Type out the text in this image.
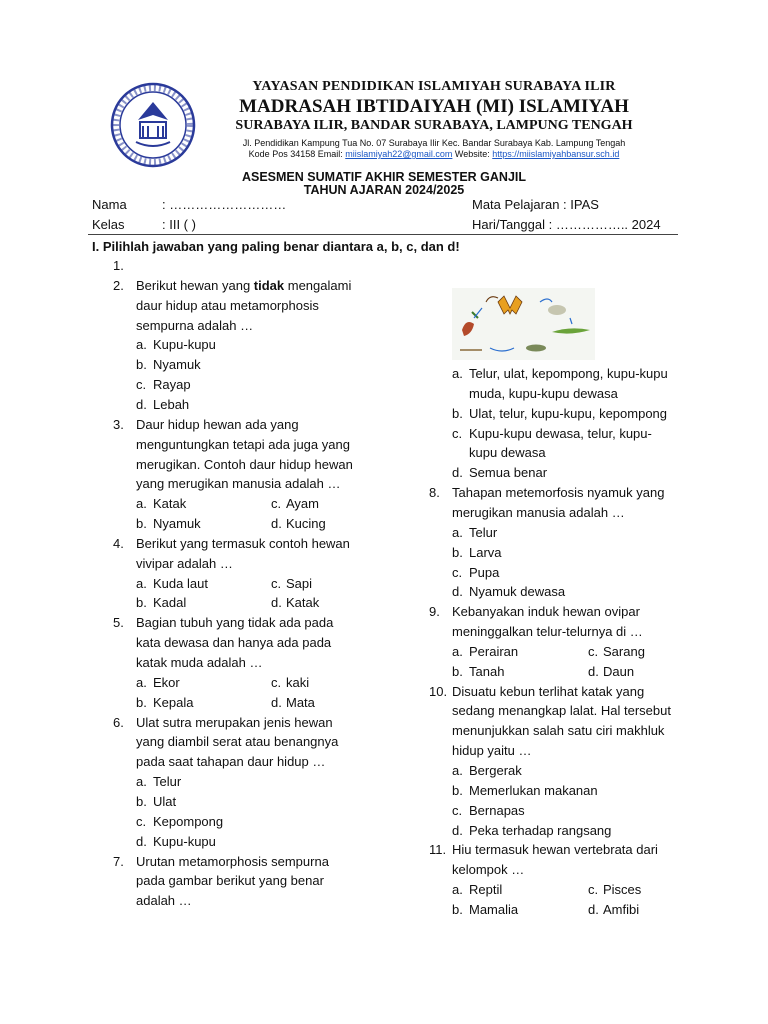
YAYASAN PENDIDIKAN ISLAMIYAH SURABAYA ILIR
MADRASAH IBTIDAIYAH (MI) ISLAMIYAH
SURABAYA ILIR, BANDAR SURABAYA, LAMPUNG TENGAH
Jl. Pendidikan Kampung Tua No. 07 Surabaya Ilir Kec. Bandar Surabaya Kab. Lampung Tengah
Kode Pos 34158 Email: miislamiyah22@gmail.com Website: https://miislamiyahbansur.sch.id
ASESMEN SUMATIF AKHIR SEMESTER GANJIL
TAHUN AJARAN 2024/2025
Nama	: ………………………	Mata Pelajaran : IPAS
Kelas	: III ( )	Hari/Tanggal : …………….. 2024
I. Pilihlah jawaban yang paling benar diantara a, b, c, dan d!
1.
2. Berikut hewan yang tidak mengalami
daur hidup atau metamorphosis
sempurna adalah …
a. Kupu-kupu
b. Nyamuk
c. Rayap
d. Lebah
3. Daur hidup hewan ada yang
menguntungkan tetapi ada juga yang
merugikan. Contoh daur hidup hewan
yang merugikan manusia adalah …
a. Katak	c. Ayam
b. Nyamuk	d. Kucing
4. Berikut yang termasuk contoh hewan
vivipar adalah …
a. Kuda laut	c. Sapi
b. Kadal	d. Katak
5. Bagian tubuh yang tidak ada pada
kata dewasa dan hanya ada pada
katak muda adalah …
a. Ekor	c. kaki
b. Kepala	d. Mata
6. Ulat sutra merupakan jenis hewan
yang diambil serat atau benangnya
pada saat tahapan daur hidup …
a. Telur
b. Ulat
c. Kepompong
d. Kupu-kupu
7. Urutan metamorphosis sempurna
pada gambar berikut yang benar
adalah …
a. Telur, ulat, kepompong, kupu-kupu
muda, kupu-kupu dewasa
b. Ulat, telur, kupu-kupu, kepompong
c. Kupu-kupu dewasa, telur, kupu-
kupu dewasa
d. Semua benar
8. Tahapan metemorfosis nyamuk yang
merugikan manusia adalah …
a. Telur
b. Larva
c. Pupa
d. Nyamuk dewasa
9. Kebanyakan induk hewan ovipar
meninggalkan telur-telurnya di …
a. Perairan	c. Sarang
b. Tanah	d. Daun
10. Disuatu kebun terlihat katak yang
sedang menangkap lalat. Hal tersebut
menunjukkan salah satu ciri makhluk
hidup yaitu …
a. Bergerak
b. Memerlukan makanan
c. Bernapas
d. Peka terhadap rangsang
11. Hiu termasuk hewan vertebrata dari
kelompok …
a. Reptil	c. Pisces
b. Mamalia	d. Amfibi
